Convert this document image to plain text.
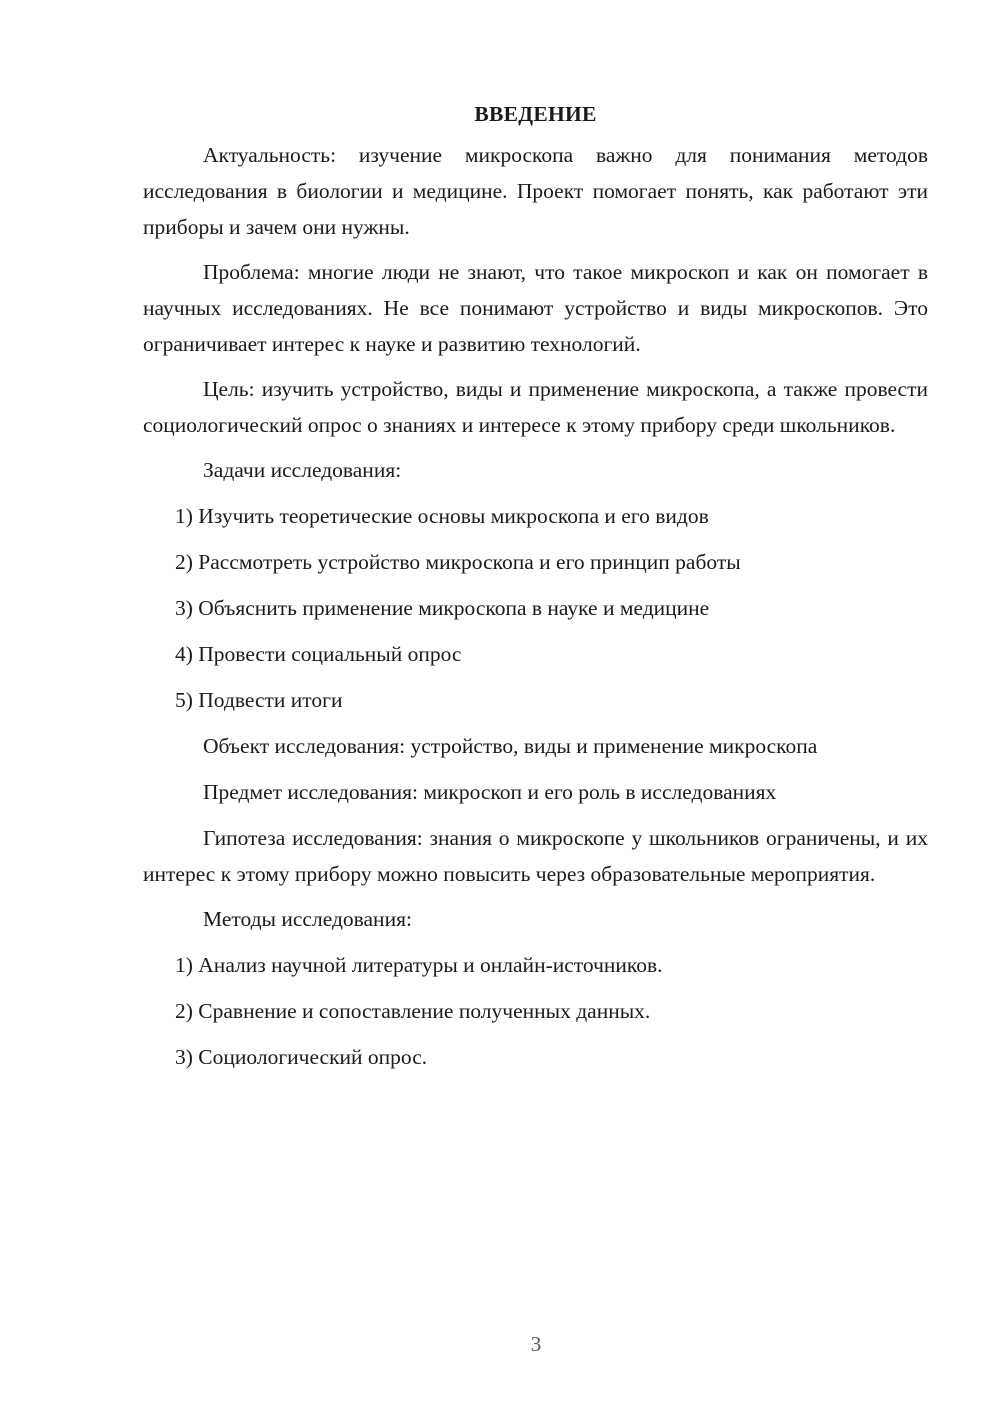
ВВЕДЕНИЕ

Актуальность: изучение микроскопа важно для понимания методов исследования в биологии и медицине. Проект помогает понять, как работают эти приборы и зачем они нужны.

Проблема: многие люди не знают, что такое микроскоп и как он помогает в научных исследованиях. Не все понимают устройство и виды микроскопов. Это ограничивает интерес к науке и развитию технологий.

Цель: изучить устройство, виды и применение микроскопа, а также провести социологический опрос о знаниях и интересе к этому прибору среди школьников.

Задачи исследования:

1) Изучить теоретические основы микроскопа и его видов
2) Рассмотреть устройство микроскопа и его принцип работы
3) Объяснить применение микроскопа в науке и медицине
4) Провести социальный опрос
5) Подвести итоги

Объект исследования: устройство, виды и применение микроскопа

Предмет исследования: микроскоп и его роль в исследованиях

Гипотеза исследования: знания о микроскопе у школьников ограничены, и их интерес к этому прибору можно повысить через образовательные мероприятия.

Методы исследования:

1) Анализ научной литературы и онлайн-источников.
2) Сравнение и сопоставление полученных данных.
3) Социологический опрос.
3
